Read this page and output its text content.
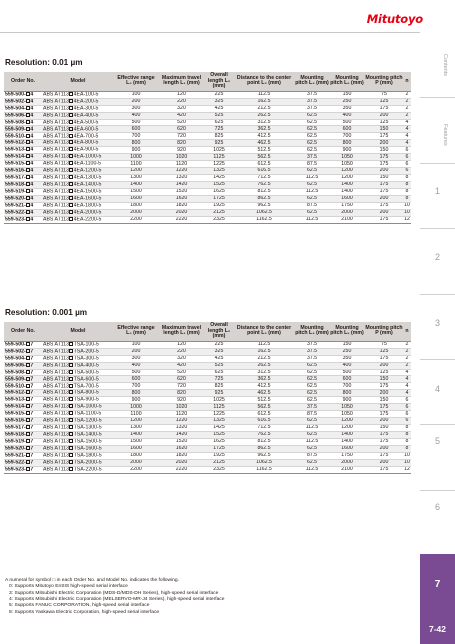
Mitutoyo
Resolution: 0.01 µm
Order No.	Model	Effective range L₀ (mm)	Maximum travel length L₁ (mm)	Overall length L₂ (mm)	Distance to the center point L₃ (mm)	Mounting pitch L₄ (mm)	Mounting pitch L₅ (mm)	Mounting pitch P (mm)	n
559-500- 4	ABS AT113 4EA-100-5	100	120	225	112.5	37.5	150	75	2
559-502- 4	ABS AT113 4EA-200-5	200	220	325	162.5	37.5	250	125	2
559-504- 4	ABS AT113 4EA-300-5	300	320	425	212.5	37.5	350	175	2
559-506- 4	ABS AT113 4EA-400-5	400	420	525	262.5	62.5	400	200	2
559-508- 4	ABS AT113 4EA-500-5	500	520	625	312.5	62.5	500	125	4
559-509- 4	ABS AT113 4EA-600-5	600	620	725	362.5	62.5	600	150	4
559-510- 4	ABS AT113 4EA-700-5	700	720	825	412.5	62.5	700	175	4
559-512- 4	ABS AT113 4EA-800-5	800	820	925	462.5	62.5	800	200	4
559-513- 4	ABS AT113 4EA-900-5	900	920	1025	512.5	62.5	900	150	6
559-514- 4	ABS AT113 4EA-1000-5	1000	1020	1125	562.5	37.5	1050	175	6
559-515- 4	ABS AT113 4EA-1100-5	1100	1120	1225	612.5	87.5	1050	175	6
559-516- 4	ABS AT113 4EA-1200-5	1200	1220	1325	616.5	62.5	1200	200	6
559-517- 4	ABS AT113 4EA-1300-5	1300	1320	1425	712.5	112.5	1200	150	8
559-518- 4	ABS AT113 4EA-1400-5	1400	1420	1525	762.5	62.5	1400	175	8
559-519- 4	ABS AT113 4EA-1500-5	1500	1520	1625	812.5	112.5	1400	175	8
559-520- 4	ABS AT113 4EA-1600-5	1600	1620	1725	862.5	62.5	1600	200	8
559-521- 4	ABS AT113 4EA-1800-5	1800	1820	1925	962.5	87.5	1750	175	10
559-522- 4	ABS AT113 4EA-2000-5	2000	2020	2125	1062.5	62.5	2000	200	10
559-523- 4	ABS AT113 4EA-2200-5	2200	2220	2325	1162.5	112.5	2100	175	12
Resolution: 0.001 µm
Order No.	Model	Effective range L₀ (mm)	Maximum travel length L₁ (mm)	Overall length L₂ (mm)	Distance to the center point L₃ (mm)	Mounting pitch L₄ (mm)	Mounting pitch L₅ (mm)	Mounting pitch P (mm)	n
559-500- 7	ABS AT113 TSA-100-5	100	120	225	112.5	37.5	150	75	2
559-502- 7	ABS AT113 TSA-200-5	200	220	325	162.5	37.5	250	125	2
559-504- 7	ABS AT113 TSA-300-5	300	320	425	212.5	37.5	350	175	2
559-506- 7	ABS AT113 TSA-400-5	400	420	525	262.5	62.5	400	200	2
559-508- 7	ABS AT113 TSA-500-5	500	520	625	312.5	62.5	500	125	4
559-509- 7	ABS AT113 TSA-600-5	600	620	725	362.5	62.5	600	150	4
559-510- 7	ABS AT113 TSA-700-5	700	720	825	412.5	62.5	700	175	4
559-512- 7	ABS AT113 TSA-800-5	800	820	925	462.5	62.5	800	200	4
559-513- 7	ABS AT113 TSA-900-5	900	920	1025	512.5	62.5	900	150	6
559-514- 7	ABS AT113 TSA-1000-5	1000	1020	1125	562.5	37.5	1050	175	6
559-515- 7	ABS AT113 TSA-1100-5	1100	1120	1225	612.5	87.5	1050	175	6
559-516- 7	ABS AT113 TSA-1200-5	1200	1220	1325	616.5	62.5	1200	200	6
559-517- 7	ABS AT113 TSA-1300-5	1300	1320	1425	712.5	112.5	1200	150	8
559-518- 7	ABS AT113 TSA-1400-5	1400	1420	1525	762.5	62.5	1400	175	8
559-519- 7	ABS AT113 TSA-1500-5	1500	1520	1625	812.5	112.5	1400	175	8
559-520- 7	ABS AT113 TSA-1600-5	1600	1620	1725	862.5	62.5	1600	200	8
559-521- 7	ABS AT113 TSA-1800-5	1800	1820	1925	962.5	87.5	1750	175	10
559-522- 7	ABS AT113 TSA-2000-5	2000	2020	2125	1062.5	62.5	2000	200	10
559-523- 7	ABS AT113 TSA-2200-5	2200	2220	2325	1162.5	112.5	2100	175	12
A numeral for symbol □ in each Order No. and Model No. indicates the following.
0: Supports Mitutoyo EnSIS high-speed serial interface
3: Supports Mitsubishi Electric Corporation (MDS-D/MDS-DH Series), high-speed serial interface
4: Supports Mitsubishi Electric Corporation (MELSERVO-MR-J4 Series), high-speed serial interface
5: Supports FANUC CORPORATION, high-speed serial interface
8: Supports Yaskawa Electric Corporation, high-speed serial interface
Contents
Features
1
2
3
4
5
6
7
7-42
